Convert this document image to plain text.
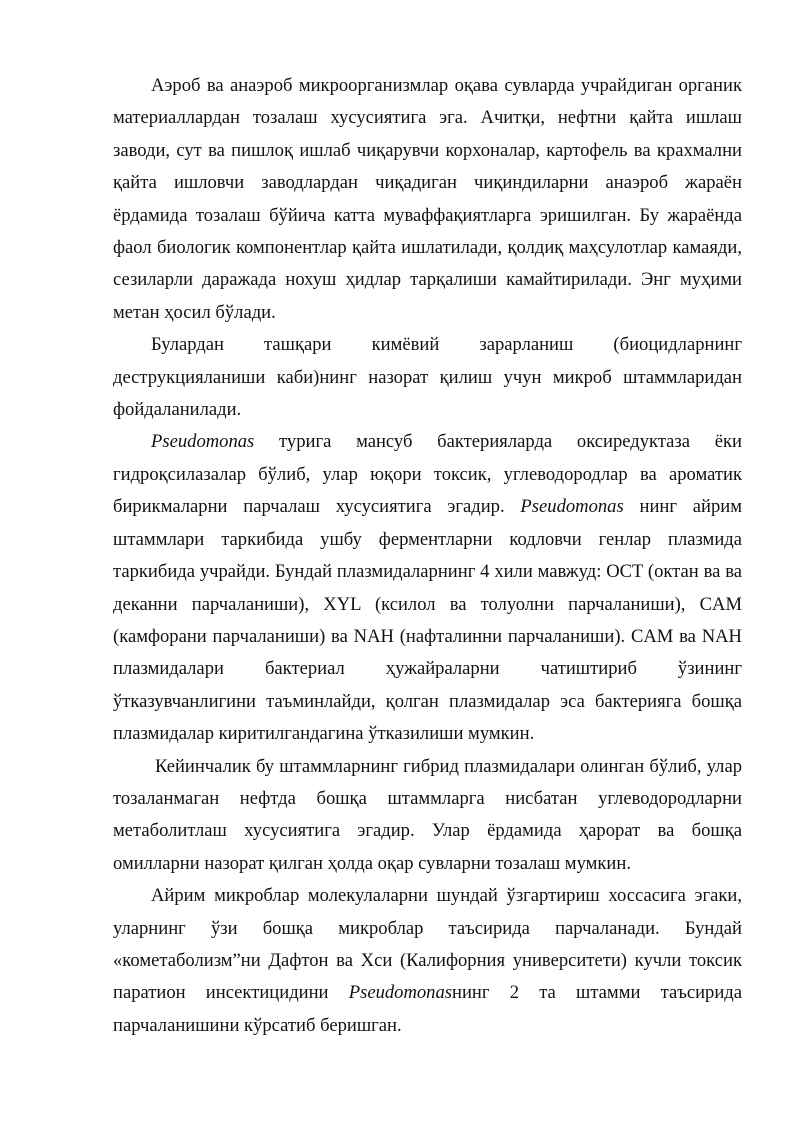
Аэроб ва анаэроб микроорганизмлар оқава сувларда учрайдиган органик материаллардан тозалаш хусусиятига эга. Ачитқи, нефтни қайта ишлаш заводи, сут ва пишлоқ ишлаб чиқарувчи корхоналар, картофель ва крахмални қайта ишловчи заводлардан чиқадиган чиқиндиларни анаэроб жараён ёрдамида тозалаш бўйича катта муваффақиятларга эришилган. Бу жараёнда фаол биологик компонентлар қайта ишлатилади, қолдиқ маҳсулотлар камаяди, сезиларли даражада нохуш ҳидлар тарқалиши камайтирилади. Энг муҳими метан ҳосил бўлади.

Булардан ташқари кимёвий зарарланиш (биоцидларнинг деструкцияланиши каби)нинг назорат қилиш учун микроб штаммларидан фойдаланилади.

Pseudomonas турига мансуб бактерияларда оксиредуктаза ёки гидроқсилазалар бўлиб, улар юқори токсик, углеводородлар ва ароматик бирикмаларни парчалаш хусусиятига эгадир. Pseudomonas нинг айрим штаммлари таркибида ушбу ферментларни кодловчи генлар плазмида таркибида учрайди. Бундай плазмидаларнинг 4 хили мавжуд: OCT (октан ва ва деканни парчаланиши), XYL (ксилол ва толуолни парчаланиши), CAM (камфорани парчаланиши) ва NAH (нафталинни парчаланиши). CAM ва NAH плазмидалари бактериал ҳужайраларни чатиштириб ўзининг ўтказувчанлигини таъминлайди, қолган плазмидалар эса бактерияга бошқа плазмидалар киритилгандагина ўтказилиши мумкин.

Кейинчалик бу штаммларнинг гибрид плазмидалари олинган бўлиб, улар тозаланмаган нефтда бошқа штаммларга нисбатан углеводородларни метаболитлаш хусусиятига эгадир. Улар ёрдамида ҳарорат ва бошқа омилларни назорат қилган ҳолда оқар сувларни тозалаш мумкин.

Айрим микроблар молекулаларни шундай ўзгартириш хоссасига эгаки, уларнинг ўзи бошқа микроблар таъсирида парчаланади. Бундай «кометаболизм”ни Дафтон ва Хси (Калифорния университети) кучли токсик паратион инсектицидини Pseudomonasнинг 2 та штамми таъсирида парчаланишини кўрсатиб беришган.
